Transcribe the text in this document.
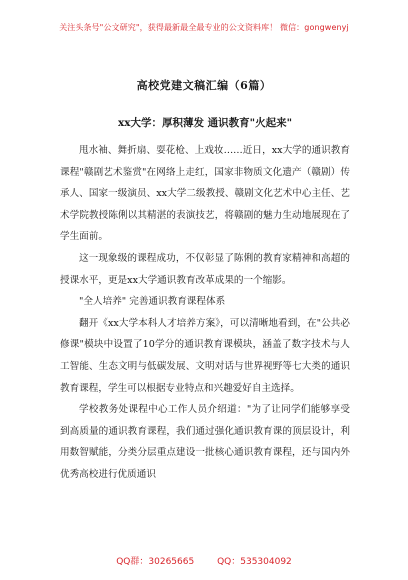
关注头条号"公文研究"，获得最新最全最专业的公文资料库！ 微信：gongwenyj
高校党建文稿汇编（6篇）
xx大学：厚积薄发 通识教育"火起来"

甩水袖、舞折扇、耍花枪、上戏妆……近日，xx大学的通识教育课程"赣剧艺术鉴赏"在网络上走红，国家非物质文化遗产（赣剧）传承人、国家一级演员、xx大学二级教授、赣剧文化艺术中心主任、艺术学院教授陈俐以其精湛的表演技艺，将赣剧的魅力生动地展现在了学生面前。

这一现象级的课程成功，不仅彰显了陈俐的教育家精神和高超的授课水平，更是xx大学通识教育改革成果的一个缩影。

"全人培养" 完善通识教育课程体系

翻开《xx大学本科人才培养方案》，可以清晰地看到，在"公共必修课"模块中设置了10学分的通识教育课模块，涵盖了数字技术与人工智能、生态文明与低碳发展、文明对话与世界视野等七大类的通识教育课程，学生可以根据专业特点和兴趣爱好自主选择。

学校教务处课程中心工作人员介绍道："为了让同学们能够享受到高质量的通识教育课程，我们通过强化通识教育课的顶层设计，利用数智赋能，分类分层重点建设一批核心通识教育课程，还与国内外优秀高校进行优质通识

QQ群：30265665	QQ：535304092
